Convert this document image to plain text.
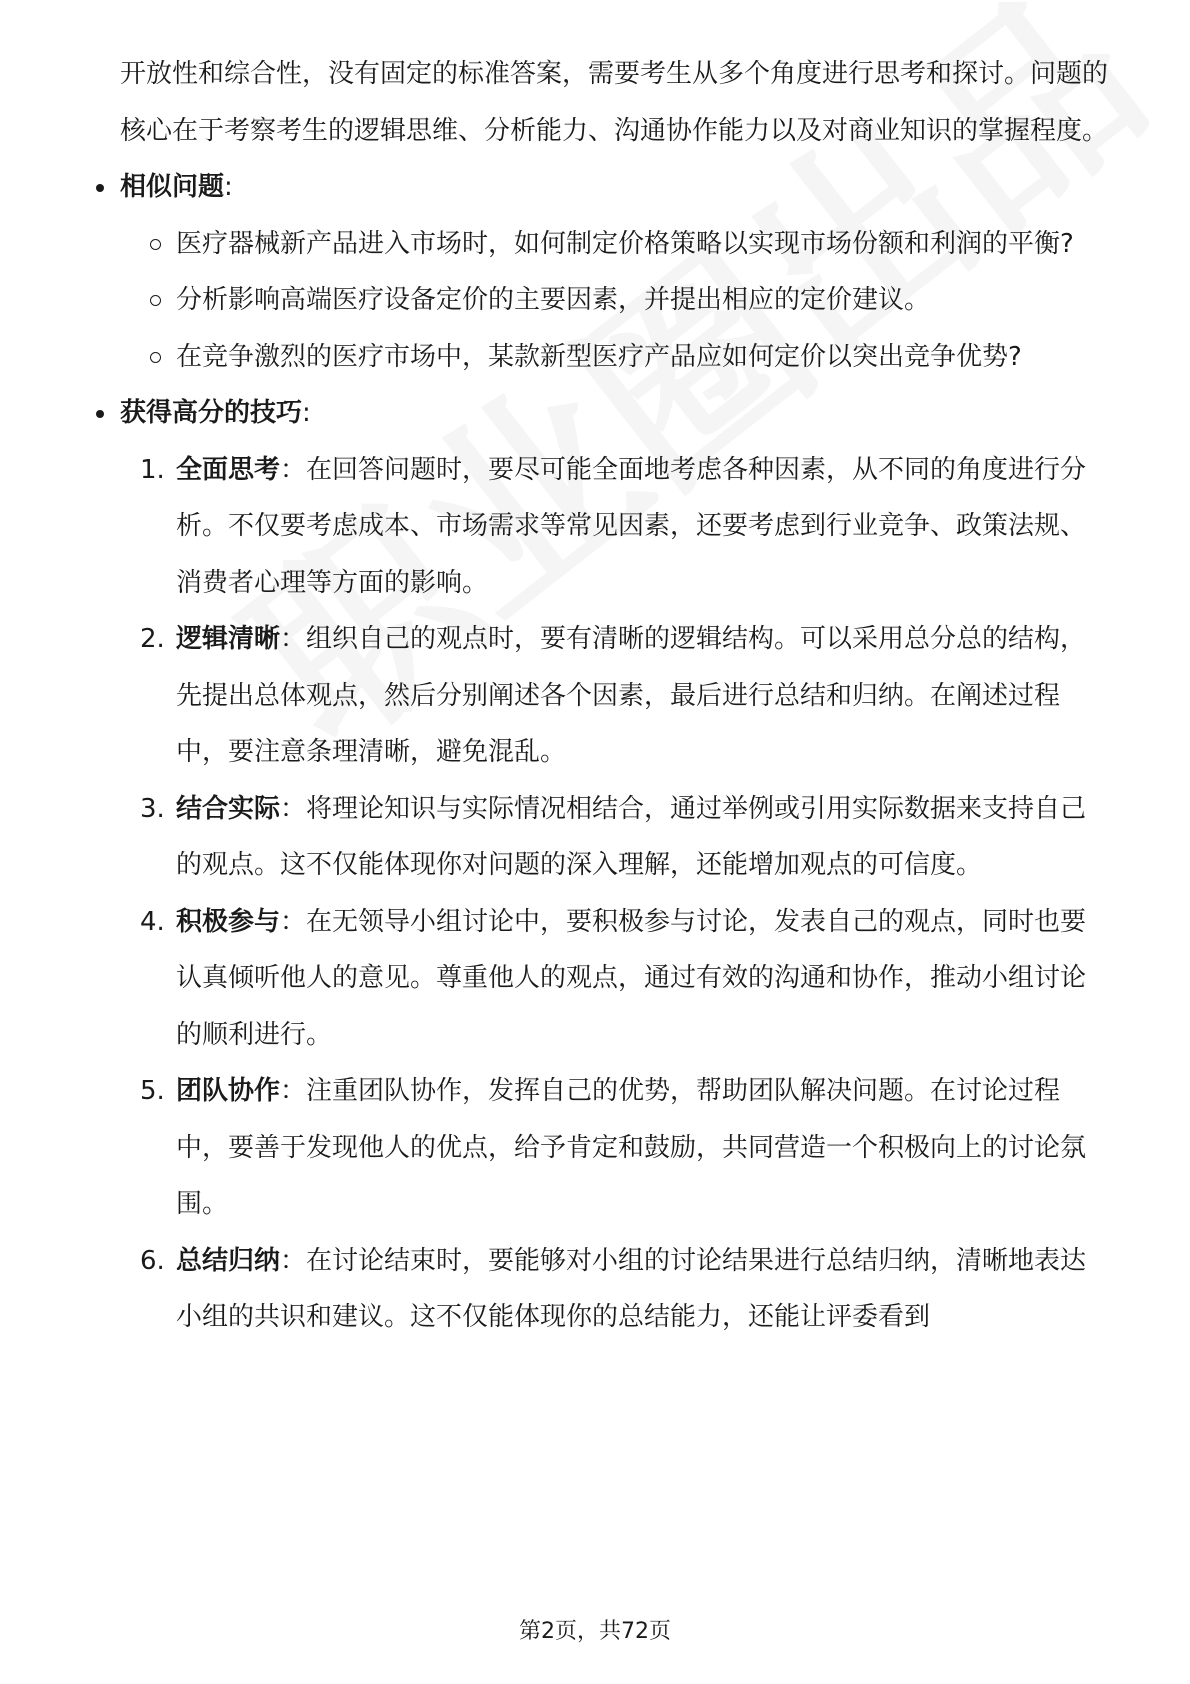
开放性和综合性，没有固定的标准答案，需要考生从多个角度进行思考和探讨。问题的核心在于考察考生的逻辑思维、分析能力、沟通协作能力以及对商业知识的掌握程度。

相似问题:

医疗器械新产品进入市场时，如何制定价格策略以实现市场份额和利润的平衡?
分析影响高端医疗设备定价的主要因素，并提出相应的定价建议。
在竞争激烈的医疗市场中，某款新型医疗产品应如何定价以突出竞争优势?

获得高分的技巧:

1. 全面思考：在回答问题时，要尽可能全面地考虑各种因素，从不同的角度进行分析。不仅要考虑成本、市场需求等常见因素，还要考虑到行业竞争、政策法规、消费者心理等方面的影响。
2. 逻辑清晰：组织自己的观点时，要有清晰的逻辑结构。可以采用总分总的结构，先提出总体观点，然后分别阐述各个因素，最后进行总结和归纳。在阐述过程中，要注意条理清晰，避免混乱。
3. 结合实际：将理论知识与实际情况相结合，通过举例或引用实际数据来支持自己的观点。这不仅能体现你对问题的深入理解，还能增加观点的可信度。
4. 积极参与：在无领导小组讨论中，要积极参与讨论，发表自己的观点，同时也要认真倾听他人的意见。尊重他人的观点，通过有效的沟通和协作，推动小组讨论的顺利进行。
5. 团队协作：注重团队协作，发挥自己的优势，帮助团队解决问题。在讨论过程中，要善于发现他人的优点，给予肯定和鼓励，共同营造一个积极向上的讨论氛围。
6. 总结归纳：在讨论结束时，要能够对小组的讨论结果进行总结归纳，清晰地表达小组的共识和建议。这不仅能体现你的总结能力，还能让评委看到
第2页，共72页
